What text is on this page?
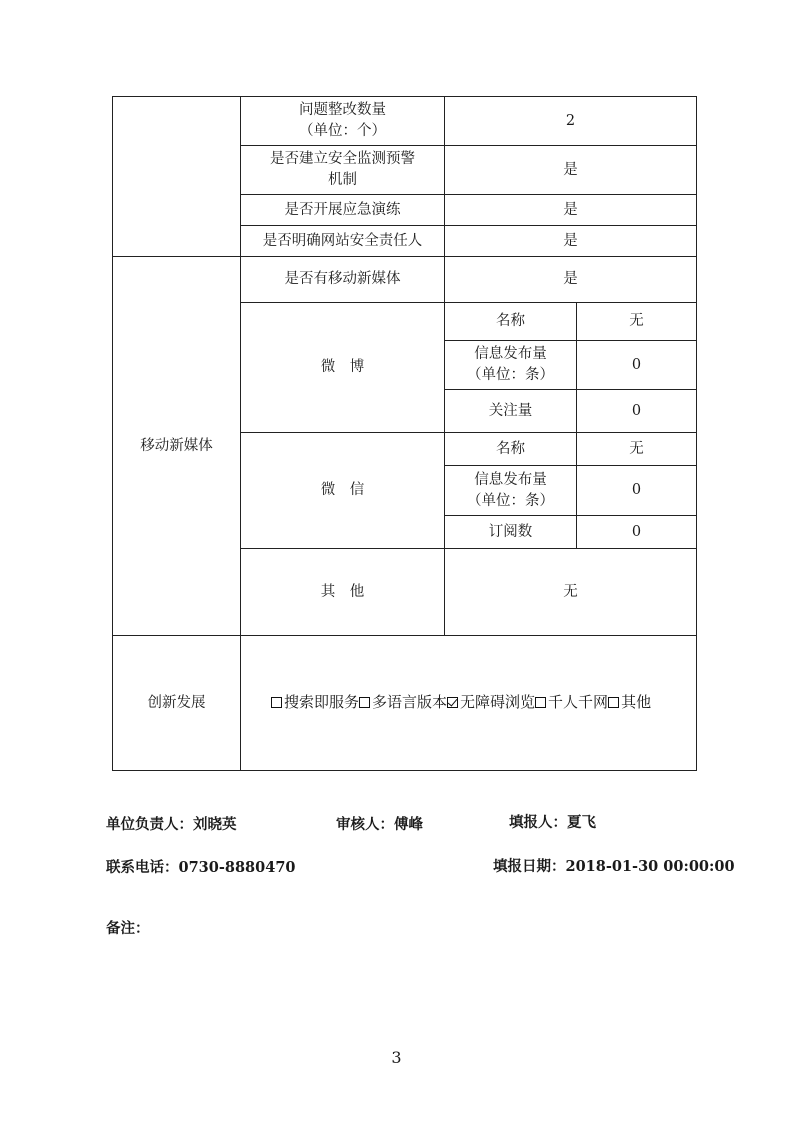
	问题整改数量
（单位：个）	2	

	是否建立安全监测预警
机制	是	
	是否开展应急演练	是	
	是否明确网站安全责任人	是	
移动新媒体	是否有移动新媒体	是	
	微　博	名称	无

		信息发布量
（单位：条）	0
		关注量	0
	微　信	名称	无

		信息发布量
（单位：条）	0
		订阅数	0
	其　他	无	
创新发展	搜索即服务 多语言版本 无障碍浏览 千人千网 其他		
单位负责人：刘晓英	审核人：傅峰	填报人：夏飞
联系电话：0730-8880470	填报日期：2018-01-30 00:00:00
备注：
3
